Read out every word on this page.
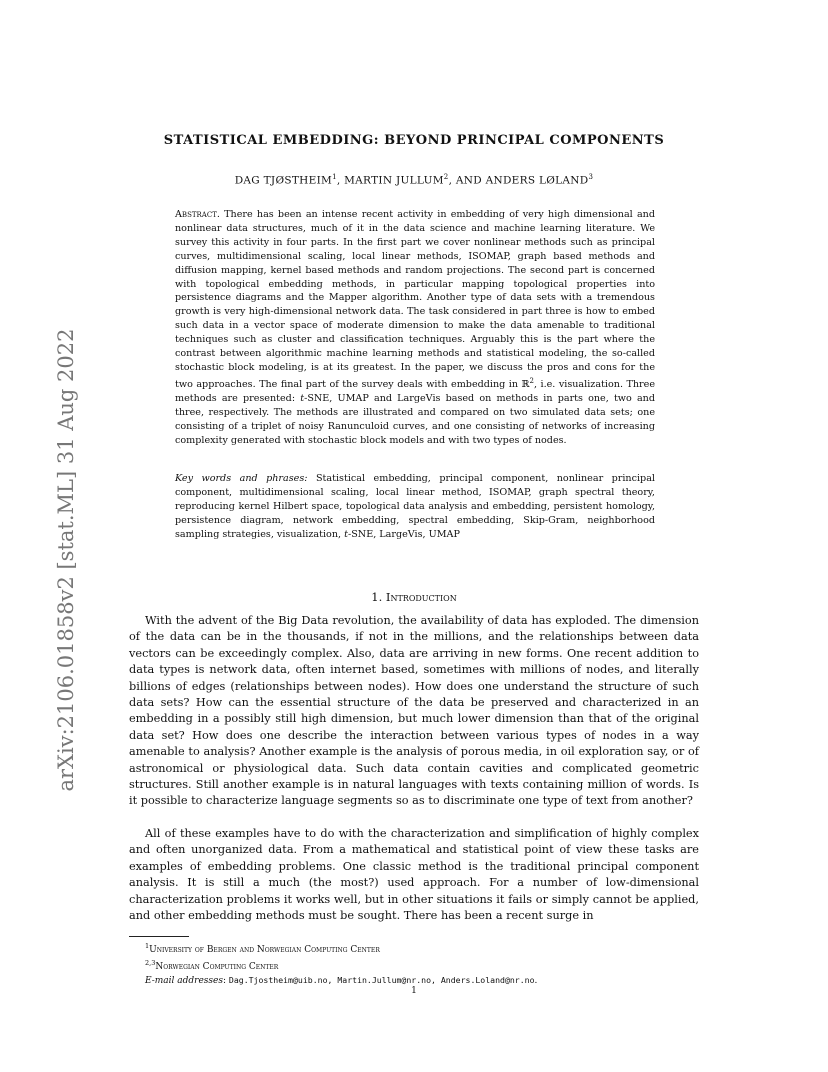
arXiv:2106.01858v2 [stat.ML] 31 Aug 2022
STATISTICAL EMBEDDING: BEYOND PRINCIPAL COMPONENTS
DAG TJØSTHEIM$^1$, MARTIN JULLUM$^2$, AND ANDERS LØLAND$^3$
Abstract. There has been an intense recent activity in embedding of very high dimensional and nonlinear data structures, much of it in the data science and machine learning literature. We survey this activity in four parts. In the first part we cover nonlinear methods such as principal curves, multidimensional scaling, local linear methods, ISOMAP, graph based methods and diffusion mapping, kernel based methods and random projections. The second part is concerned with topological embedding methods, in particular mapping topological properties into persistence diagrams and the Mapper algorithm. Another type of data sets with a tremendous growth is very high-dimensional network data. The task considered in part three is how to embed such data in a vector space of moderate dimension to make the data amenable to traditional techniques such as cluster and classification techniques. Arguably this is the part where the contrast between algorithmic machine learning methods and statistical modeling, the so-called stochastic block modeling, is at its greatest. In the paper, we discuss the pros and cons for the two approaches. The final part of the survey deals with embedding in ℝ$^2$, i.e. visualization. Three methods are presented: t-SNE, UMAP and LargeVis based on methods in parts one, two and three, respectively. The methods are illustrated and compared on two simulated data sets; one consisting of a triplet of noisy Ranunculoid curves, and one consisting of networks of increasing complexity generated with stochastic block models and with two types of nodes.
Key words and phrases: Statistical embedding, principal component, nonlinear principal component, multidimensional scaling, local linear method, ISOMAP, graph spectral theory, reproducing kernel Hilbert space, topological data analysis and embedding, persistent homology, persistence diagram, network embedding, spectral embedding, Skip-Gram, neighborhood sampling strategies, visualization, t-SNE, LargeVis, UMAP
1. Introduction
With the advent of the Big Data revolution, the availability of data has exploded. The dimension of the data can be in the thousands, if not in the millions, and the relationships between data vectors can be exceedingly complex. Also, data are arriving in new forms. One recent addition to data types is network data, often internet based, sometimes with millions of nodes, and literally billions of edges (relationships between nodes). How does one understand the structure of such data sets? How can the essential structure of the data be preserved and characterized in an embedding in a possibly still high dimension, but much lower dimension than that of the original data set? How does one describe the interaction between various types of nodes in a way amenable to analysis? Another example is the analysis of porous media, in oil exploration say, or of astronomical or physiological data. Such data contain cavities and complicated geometric structures. Still another example is in natural languages with texts containing million of words. Is it possible to characterize language segments so as to discriminate one type of text from another?
All of these examples have to do with the characterization and simplification of highly complex and often unorganized data. From a mathematical and statistical point of view these tasks are examples of embedding problems. One classic method is the traditional principal component analysis. It is still a much (the most?) used approach. For a number of low-dimensional characterization problems it works well, but in other situations it fails or simply cannot be applied, and other embedding methods must be sought. There has been a recent surge in
$^1$University of Bergen and Norwegian Computing Center
$^{2,3}$Norwegian Computing Center
E-mail addresses: Dag.Tjostheim@uib.no, Martin.Jullum@nr.no, Anders.Loland@nr.no.
1
